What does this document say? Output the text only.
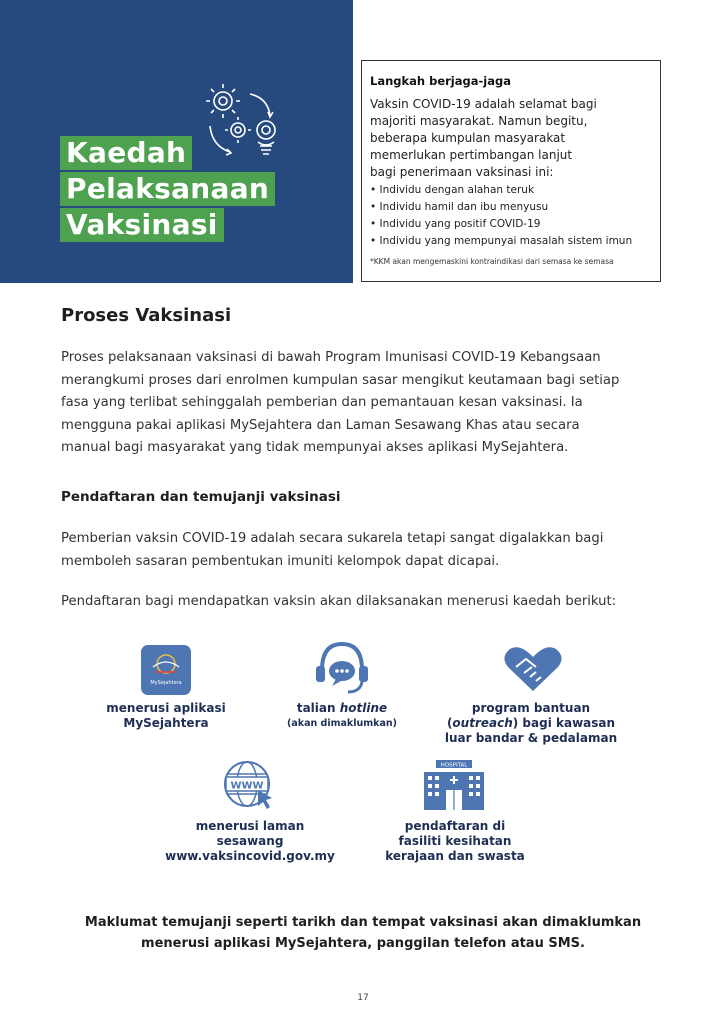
Kaedah
Pelaksanaan
Vaksinasi
Langkah berjaga-jaga

Vaksin COVID-19 adalah selamat bagi
majoriti masyarakat. Namun begitu,
beberapa kumpulan masyarakat
memerlukan pertimbangan lanjut
bagi penerimaan vaksinasi ini:

• Individu dengan alahan teruk
• Individu hamil dan ibu menyusu
• Individu yang positif COVID-19
• Individu yang mempunyai masalah sistem imun
*KKM akan mengemaskini kontraindikasi dari semasa ke semasa
Proses Vaksinasi
Proses pelaksanaan vaksinasi di bawah Program Imunisasi COVID-19 Kebangsaan
merangkumi proses dari enrolmen kumpulan sasar mengikut keutamaan bagi setiap
fasa yang terlibat sehinggalah pemberian dan pemantauan kesan vaksinasi. Ia
mengguna pakai aplikasi MySejahtera dan Laman Sesawang Khas atau secara
manual bagi masyarakat yang tidak mempunyai akses aplikasi MySejahtera.
Pendaftaran dan temujanji vaksinasi
Pemberian vaksin COVID-19 adalah secara sukarela tetapi sangat digalakkan bagi
memboleh sasaran pembentukan imuniti kelompok dapat dicapai.
Pendaftaran bagi mendapatkan vaksin akan dilaksanakan menerusi kaedah berikut:
MySejahtera
menerusi aplikasi
MySejahtera
talian hotline
(akan dimaklumkan)
program bantuan
(outreach) bagi kawasan
luar bandar & pedalaman
WWW
menerusi laman
sesawang
www.vaksincovid.gov.my
HOSPITAL
pendaftaran di
fasiliti kesihatan
kerajaan dan swasta
Maklumat temujanji seperti tarikh dan tempat vaksinasi akan dimaklumkan
menerusi aplikasi MySejahtera, panggilan telefon atau SMS.
17
